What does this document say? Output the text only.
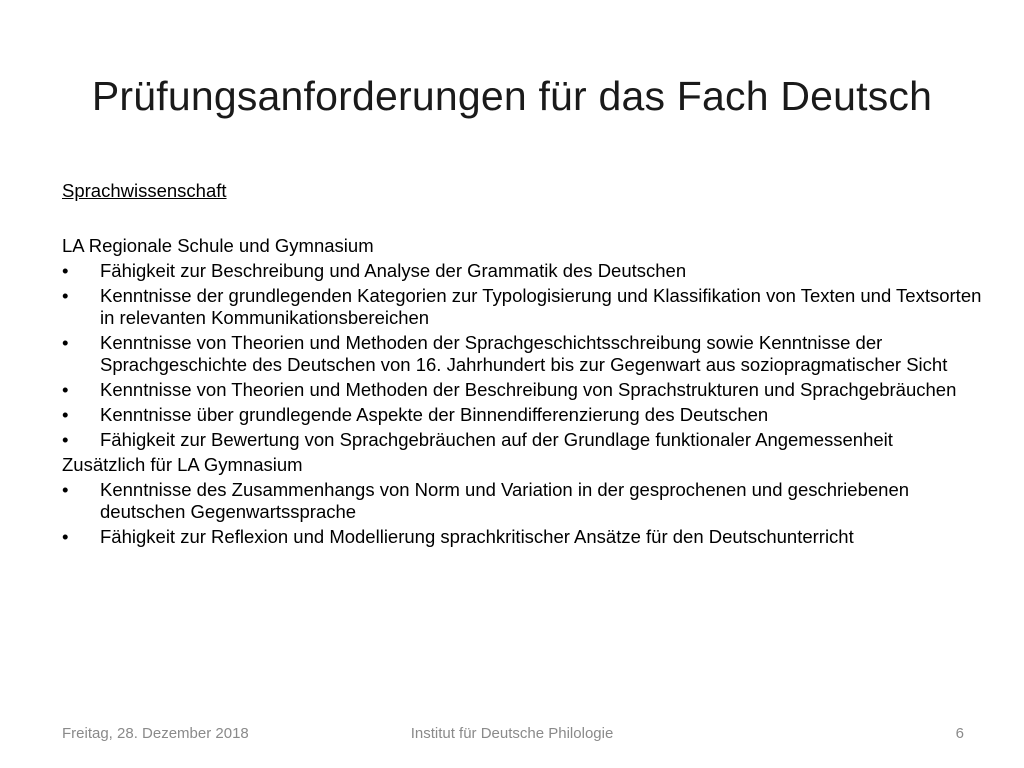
Prüfungsanforderungen für das Fach Deutsch
Sprachwissenschaft
LA Regionale Schule und Gymnasium
• Fähigkeit zur Beschreibung und Analyse der Grammatik des Deutschen
• Kenntnisse der grundlegenden Kategorien zur Typologisierung und Klassifikation von Texten und Textsorten in relevanten Kommunikationsbereichen
• Kenntnisse von Theorien und Methoden der Sprachgeschichtsschreibung sowie Kenntnisse der Sprachgeschichte des Deutschen von 16. Jahrhundert bis zur Gegenwart aus soziopragmatischer Sicht
• Kenntnisse von Theorien und Methoden der Beschreibung von Sprachstrukturen und Sprachgebräuchen
• Kenntnisse über grundlegende Aspekte der Binnendifferenzierung des Deutschen
• Fähigkeit zur Bewertung von Sprachgebräuchen auf der Grundlage funktionaler Angemessenheit
Zusätzlich für LA Gymnasium
• Kenntnisse des Zusammenhangs von Norm und Variation in der gesprochenen und geschriebenen deutschen Gegenwartssprache
• Fähigkeit zur Reflexion und Modellierung sprachkritischer Ansätze für den Deutschunterricht
Freitag, 28. Dezember 2018	Institut für Deutsche Philologie	6
